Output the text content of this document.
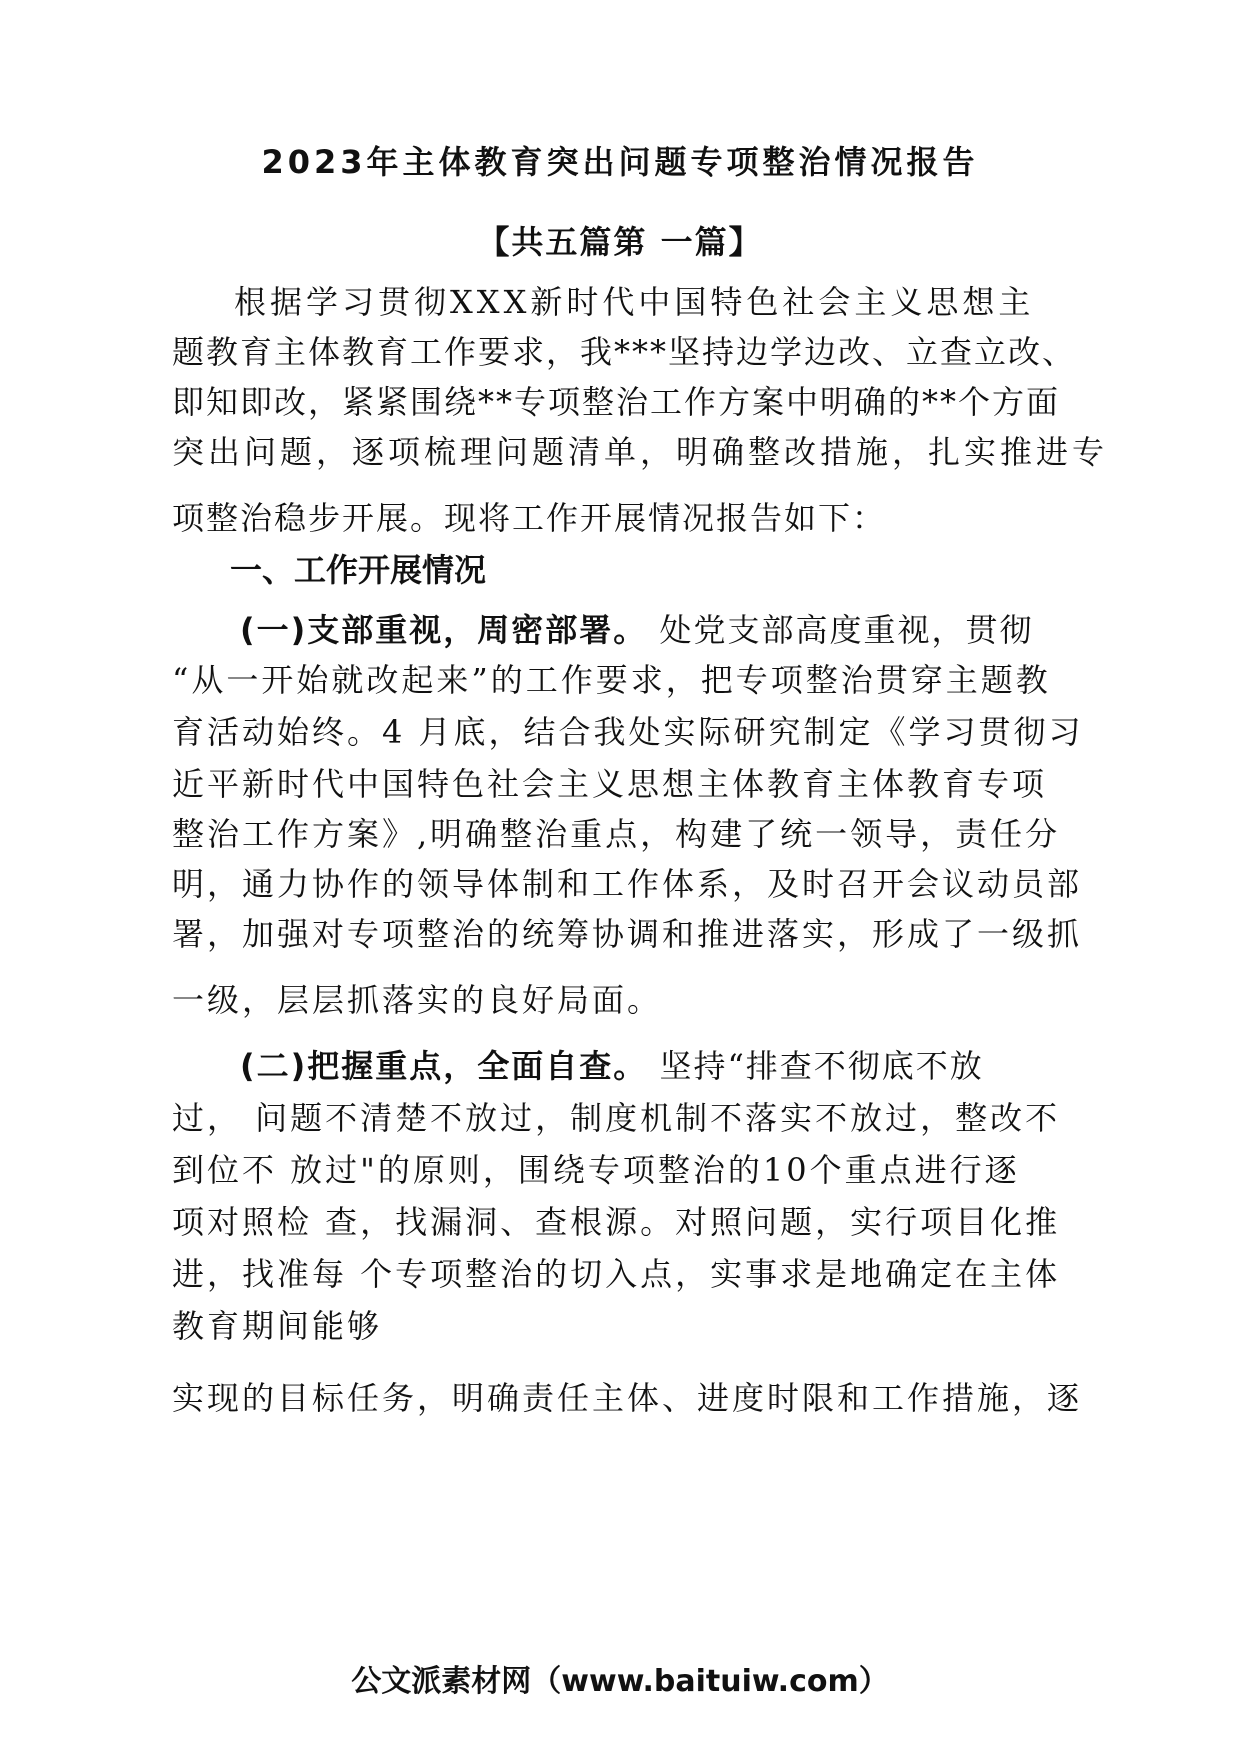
2023年主体教育突出问题专项整治情况报告
【共五篇第 一篇】
根据学习贯彻XXX新时代中国特色社会主义思想主
题教育主体教育工作要求，我***坚持边学边改、立查立改、
即知即改，紧紧围绕**专项整治工作方案中明确的**个方面
突出问题，逐项梳理问题清单，明确整改措施，扎实推进专
项整治稳步开展。现将工作开展情况报告如下：
一、工作开展情况
(一)支部重视，周密部署。 处党支部高度重视，贯彻
“从一开始就改起来”的工作要求，把专项整治贯穿主题教
育活动始终。4 月底，结合我处实际研究制定《学习贯彻习
近平新时代中国特色社会主义思想主体教育主体教育专项
整治工作方案》,明确整治重点，构建了统一领导，责任分
明，通力协作的领导体制和工作体系，及时召开会议动员部
署，加强对专项整治的统筹协调和推进落实，形成了一级抓
一级，层层抓落实的良好局面。
(二)把握重点，全面自查。 坚持“排查不彻底不放
过， 问题不清楚不放过，制度机制不落实不放过，整改不
到位不 放过"的原则，围绕专项整治的10个重点进行逐
项对照检 查，找漏洞、查根源。对照问题，实行项目化推
进，找准每 个专项整治的切入点，实事求是地确定在主体
教育期间能够
实现的目标任务，明确责任主体、进度时限和工作措施，逐
公文派素材网（www.baituiw.com）
